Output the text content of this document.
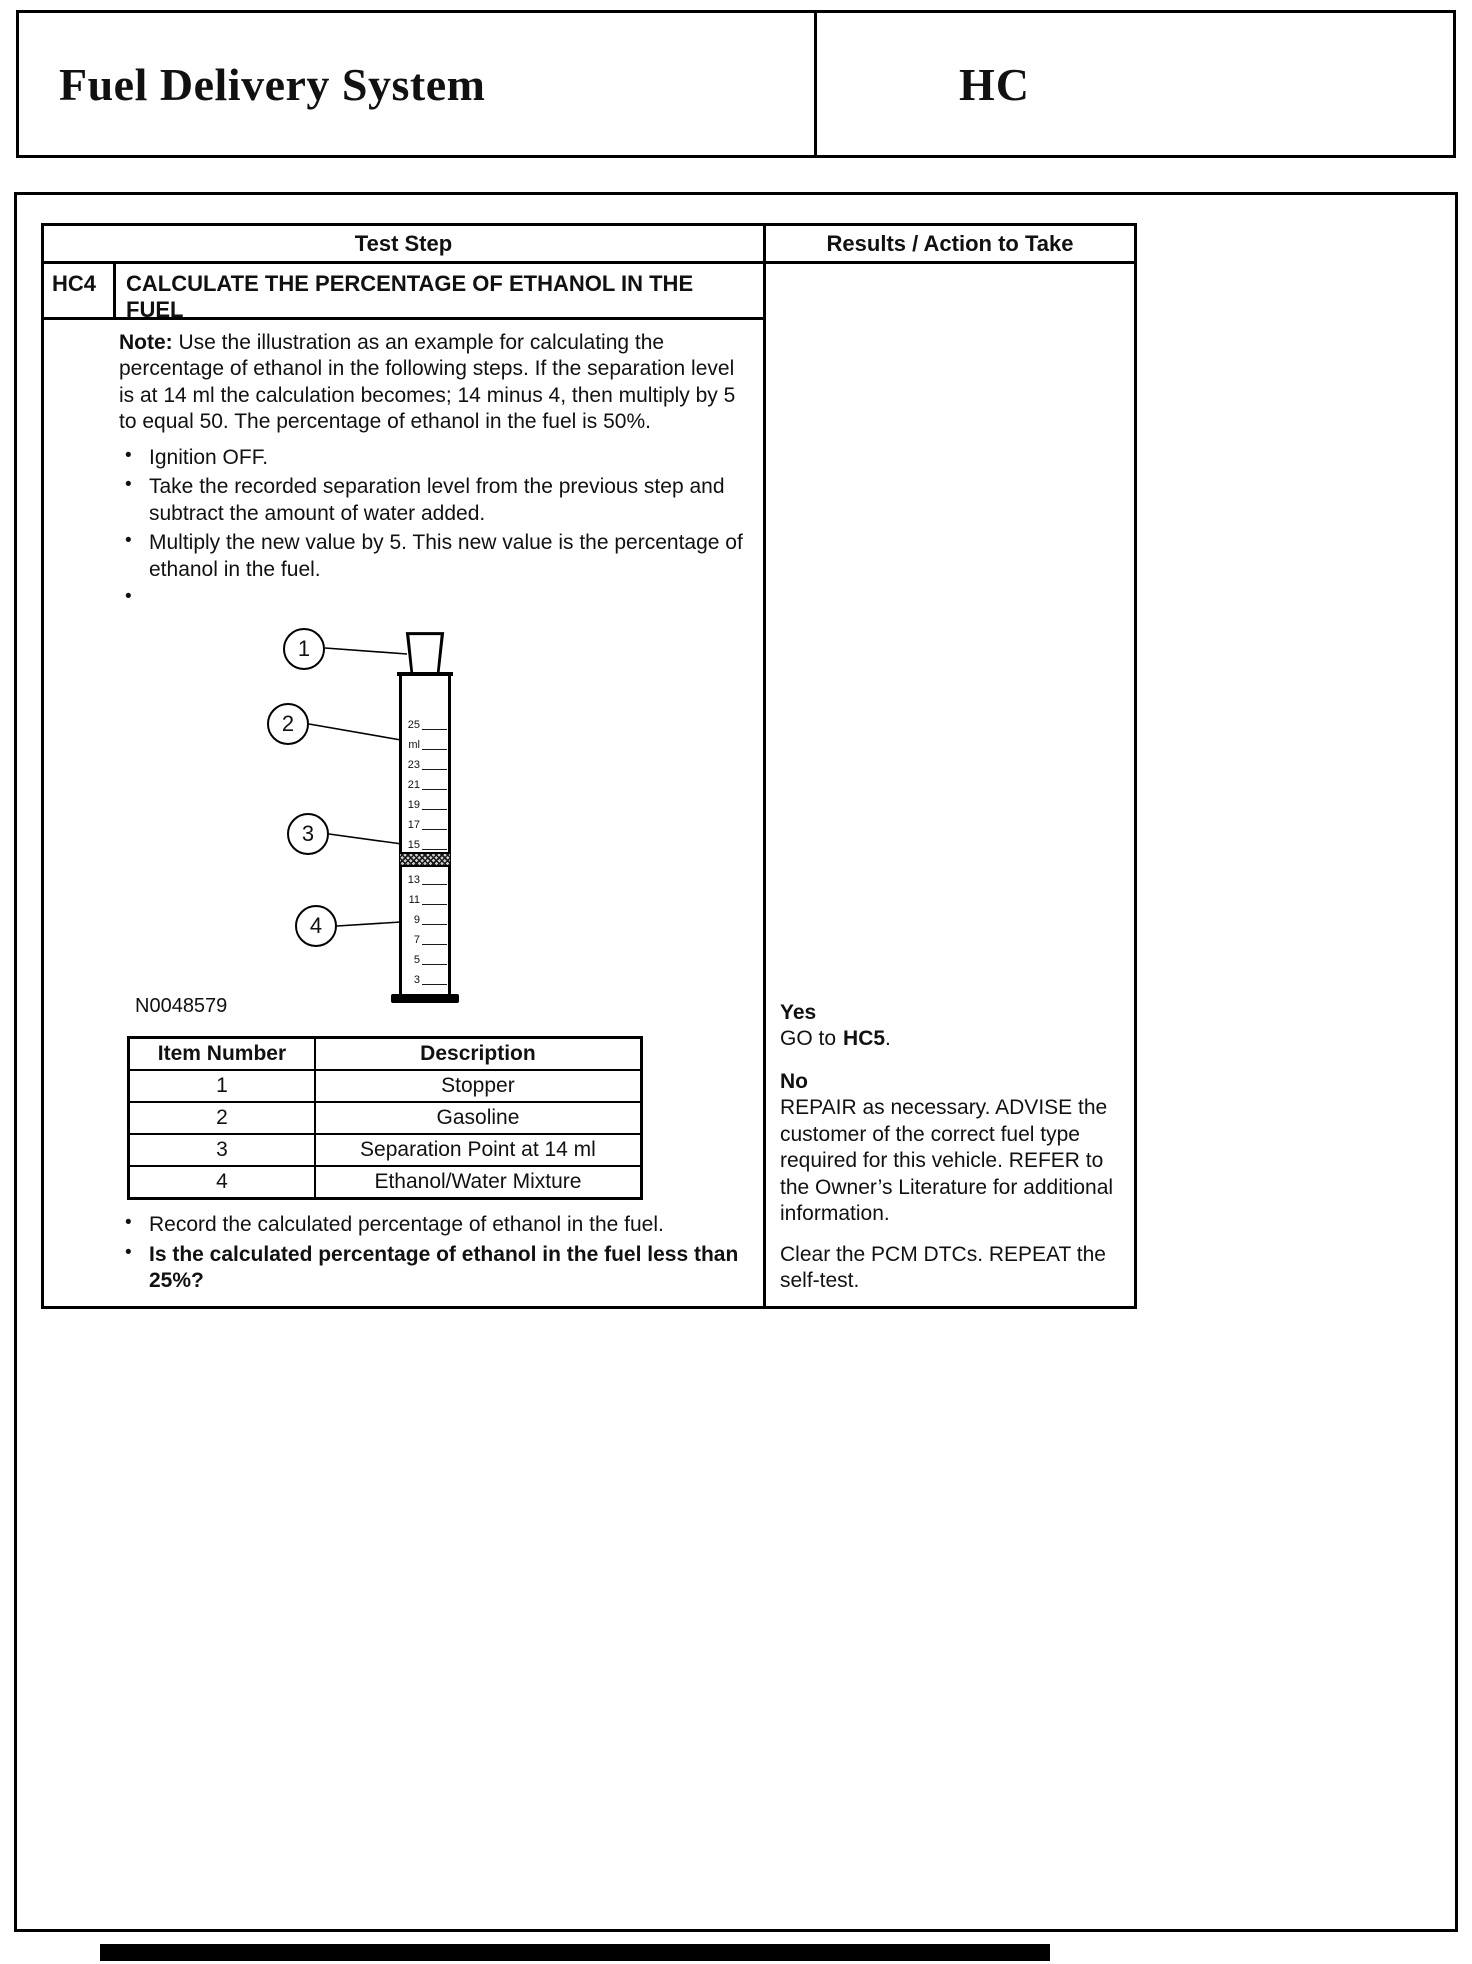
Fuel Delivery System	HC
Test Step	Results / Action to Take
HC4	CALCULATE THE PERCENTAGE OF ETHANOL IN THE FUEL
Yes
GO to HC5.
No
REPAIR as necessary. ADVISE the customer of the correct fuel type required for this vehicle. REFER to the Owner’s Literature for additional information.
Clear the PCM DTCs. REPEAT the self-test.
Note: Use the illustration as an example for calculating the percentage of ethanol in the following steps. If the separation level is at 14 ml the calculation becomes; 14 minus 4, then multiply by 5 to equal 50. The percentage of ethanol in the fuel is 50%.
• Ignition OFF.
• Take the recorded separation level from the previous step and subtract the amount of water added.
• Multiply the new value by 5. This new value is the percentage of ethanol in the fuel.
•
1
2
3
4
25
ml
23
21
19
17
15
13
11
9
7
5
3
N0048579
Item Number	Description
1	Stopper
2	Gasoline
3	Separation Point at 14 ml
4	Ethanol/Water Mixture
• Record the calculated percentage of ethanol in the fuel.
• Is the calculated percentage of ethanol in the fuel less than 25%?
